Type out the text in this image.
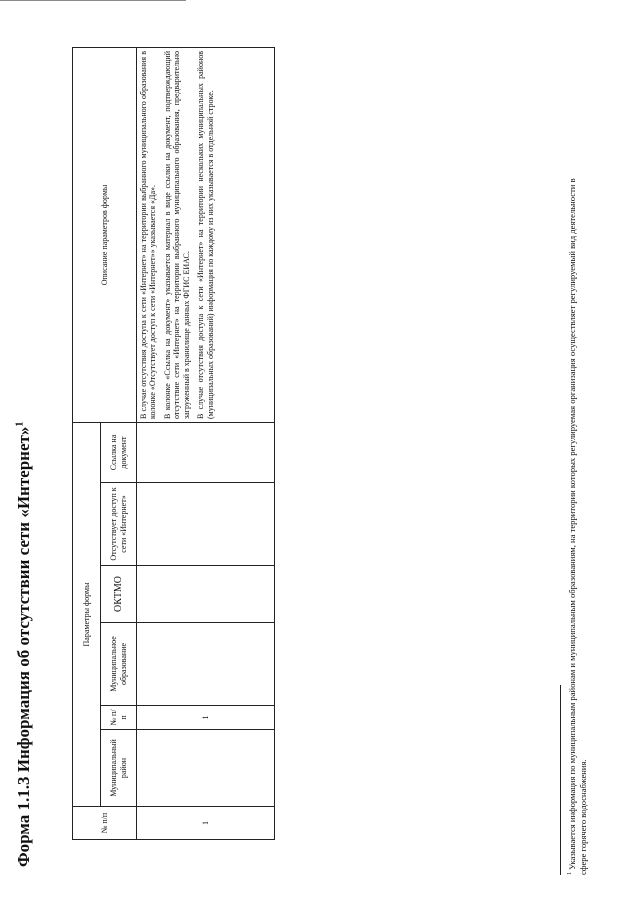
Форма 1.1.3 Информация об отсутствии сети «Интернет»$^1$
№ п/п	Параметры формы						Описание параметров формы
	Муниципальный район	№ п/п	Муниципальное образование	ОКТМО	Отсутствует доступ к сети «Интернет»	Ссылка на документ	
1		1					В случае отсутствия доступа к сети «Интернет» на территории выбранного муниципального образования в колонке «Отсутствует доступ к сети «Интернет»» указывается «Да». В колонке «Ссылка на документ» указывается материал в виде ссылки на документ, подтверждающий отсутствие сети «Интернет» на территории выбранного муниципального образования, предварительно загруженный в хранилище данных ФГИС ЕИАС. В случае отсутствия доступа к сети «Интернет» на территории нескольких муниципальных районов (муниципальных образований) информация по каждому из них указывается в отдельной строке.

$^1$ Указывается информация по муниципальным районам и муниципальным образованиям, на территории которых регулируемая организация осуществляет регулируемый вид деятельности в сфере горячего водоснабжения.
